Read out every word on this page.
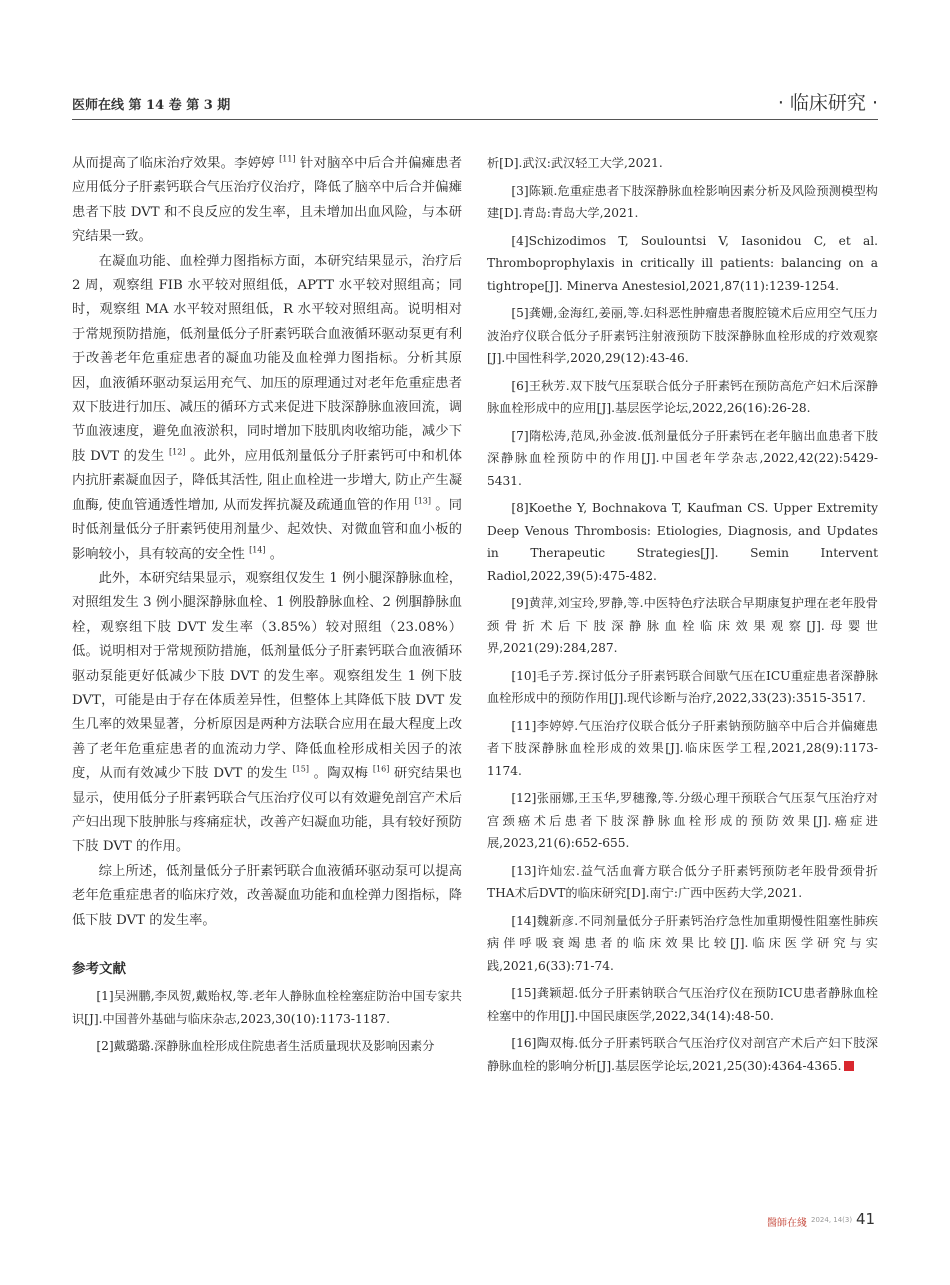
医师在线 第 14 卷 第 3 期	· 临床研究 ·

从而提高了临床治疗效果。李婷婷 [11] 针对脑卒中后合并偏瘫患者应用低分子肝素钙联合气压治疗仪治疗，降低了脑卒中后合并偏瘫患者下肢 DVT 和不良反应的发生率，且未增加出血风险，与本研究结果一致。

在凝血功能、血栓弹力图指标方面，本研究结果显示，治疗后 2 周，观察组 FIB 水平较对照组低，APTT 水平较对照组高；同时，观察组 MA 水平较对照组低，R 水平较对照组高。说明相对于常规预防措施，低剂量低分子肝素钙联合血液循环驱动泵更有利于改善老年危重症患者的凝血功能及血栓弹力图指标。分析其原因，血液循环驱动泵运用充气、加压的原理通过对老年危重症患者双下肢进行加压、减压的循环方式来促进下肢深静脉血液回流，调节血液速度，避免血液淤积，同时增加下肢肌肉收缩功能，减少下肢 DVT 的发生 [12] 。此外，应用低剂量低分子肝素钙可中和机体内抗肝素凝血因子，降低其活性, 阻止血栓进一步增大, 防止产生凝血酶, 使血管通透性增加, 从而发挥抗凝及疏通血管的作用 [13] 。同时低剂量低分子肝素钙使用剂量少、起效快、对微血管和血小板的影响较小，具有较高的安全性 [14] 。

此外，本研究结果显示，观察组仅发生 1 例小腿深静脉血栓，对照组发生 3 例小腿深静脉血栓、1 例股静脉血栓、2 例腘静脉血栓，观察组下肢 DVT 发生率（3.85%）较对照组（23.08%）低。说明相对于常规预防措施，低剂量低分子肝素钙联合血液循环驱动泵能更好低减少下肢 DVT 的发生率。观察组发生 1 例下肢 DVT，可能是由于存在体质差异性，但整体上其降低下肢 DVT 发生几率的效果显著，分析原因是两种方法联合应用在最大程度上改善了老年危重症患者的血流动力学、降低血栓形成相关因子的浓度，从而有效减少下肢 DVT 的发生 [15] 。陶双梅 [16] 研究结果也显示，使用低分子肝素钙联合气压治疗仪可以有效避免剖宫产术后产妇出现下肢肿胀与疼痛症状，改善产妇凝血功能，具有较好预防下肢 DVT 的作用。

综上所述，低剂量低分子肝素钙联合血液循环驱动泵可以提高老年危重症患者的临床疗效，改善凝血功能和血栓弹力图指标，降低下肢 DVT 的发生率。

参考文献

[1]吴洲鹏,李凤贺,戴贻权,等.老年人静脉血栓栓塞症防治中国专家共识[J].中国普外基础与临床杂志,2023,30(10):1173-1187.

[2]戴璐璐.深静脉血栓形成住院患者生活质量现状及影响因素分

析[D].武汉:武汉轻工大学,2021.

[3]陈颖.危重症患者下肢深静脉血栓影响因素分析及风险预测模型构建[D].青岛:青岛大学,2021.

[4]Schizodimos T, Soulountsi V, Iasonidou C, et al. Thromboprophylaxis in critically ill patients: balancing on a tightrope[J]. Minerva Anestesiol,2021,87(11):1239-1254.

[5]龚姗,金海红,姜丽,等.妇科恶性肿瘤患者腹腔镜术后应用空气压力波治疗仪联合低分子肝素钙注射液预防下肢深静脉血栓形成的疗效观察[J].中国性科学,2020,29(12):43-46.

[6]王秋芳.双下肢气压泵联合低分子肝素钙在预防高危产妇术后深静脉血栓形成中的应用[J].基层医学论坛,2022,26(16):26-28.

[7]隋松涛,范凤,孙金波.低剂量低分子肝素钙在老年脑出血患者下肢深静脉血栓预防中的作用[J].中国老年学杂志,2022,42(22):5429-5431.

[8]Koethe Y, Bochnakova T, Kaufman CS. Upper Extremity Deep Venous Thrombosis: Etiologies, Diagnosis, and Updates in Therapeutic Strategies[J]. Semin Intervent Radiol,2022,39(5):475-482.

[9]黄萍,刘宝玲,罗静,等.中医特色疗法联合早期康复护理在老年股骨颈骨折术后下肢深静脉血栓临床效果观察[J].母婴世界,2021(29):284,287.

[10]毛子芳.探讨低分子肝素钙联合间歇气压在ICU重症患者深静脉血栓形成中的预防作用[J].现代诊断与治疗,2022,33(23):3515-3517.

[11]李婷婷.气压治疗仪联合低分子肝素钠预防脑卒中后合并偏瘫患者下肢深静脉血栓形成的效果[J].临床医学工程,2021,28(9):1173-1174.

[12]张丽娜,王玉华,罗穗豫,等.分级心理干预联合气压泵气压治疗对宫颈癌术后患者下肢深静脉血栓形成的预防效果[J].癌症进展,2023,21(6):652-655.

[13]许灿宏.益气活血膏方联合低分子肝素钙预防老年股骨颈骨折THA术后DVT的临床研究[D].南宁:广西中医药大学,2021.

[14]魏新彦.不同剂量低分子肝素钙治疗急性加重期慢性阻塞性肺疾病伴呼吸衰竭患者的临床效果比较[J].临床医学研究与实践,2021,6(33):71-74.

[15]龚颖超.低分子肝素钠联合气压治疗仪在预防ICU患者静脉血栓栓塞中的作用[J].中国民康医学,2022,34(14):48-50.

[16]陶双梅.低分子肝素钙联合气压治疗仪对剖宫产术后产妇下肢深静脉血栓的影响分析[J].基层医学论坛,2021,25(30):4364-4365.

醫師在綫 2024, 14(3) 41
